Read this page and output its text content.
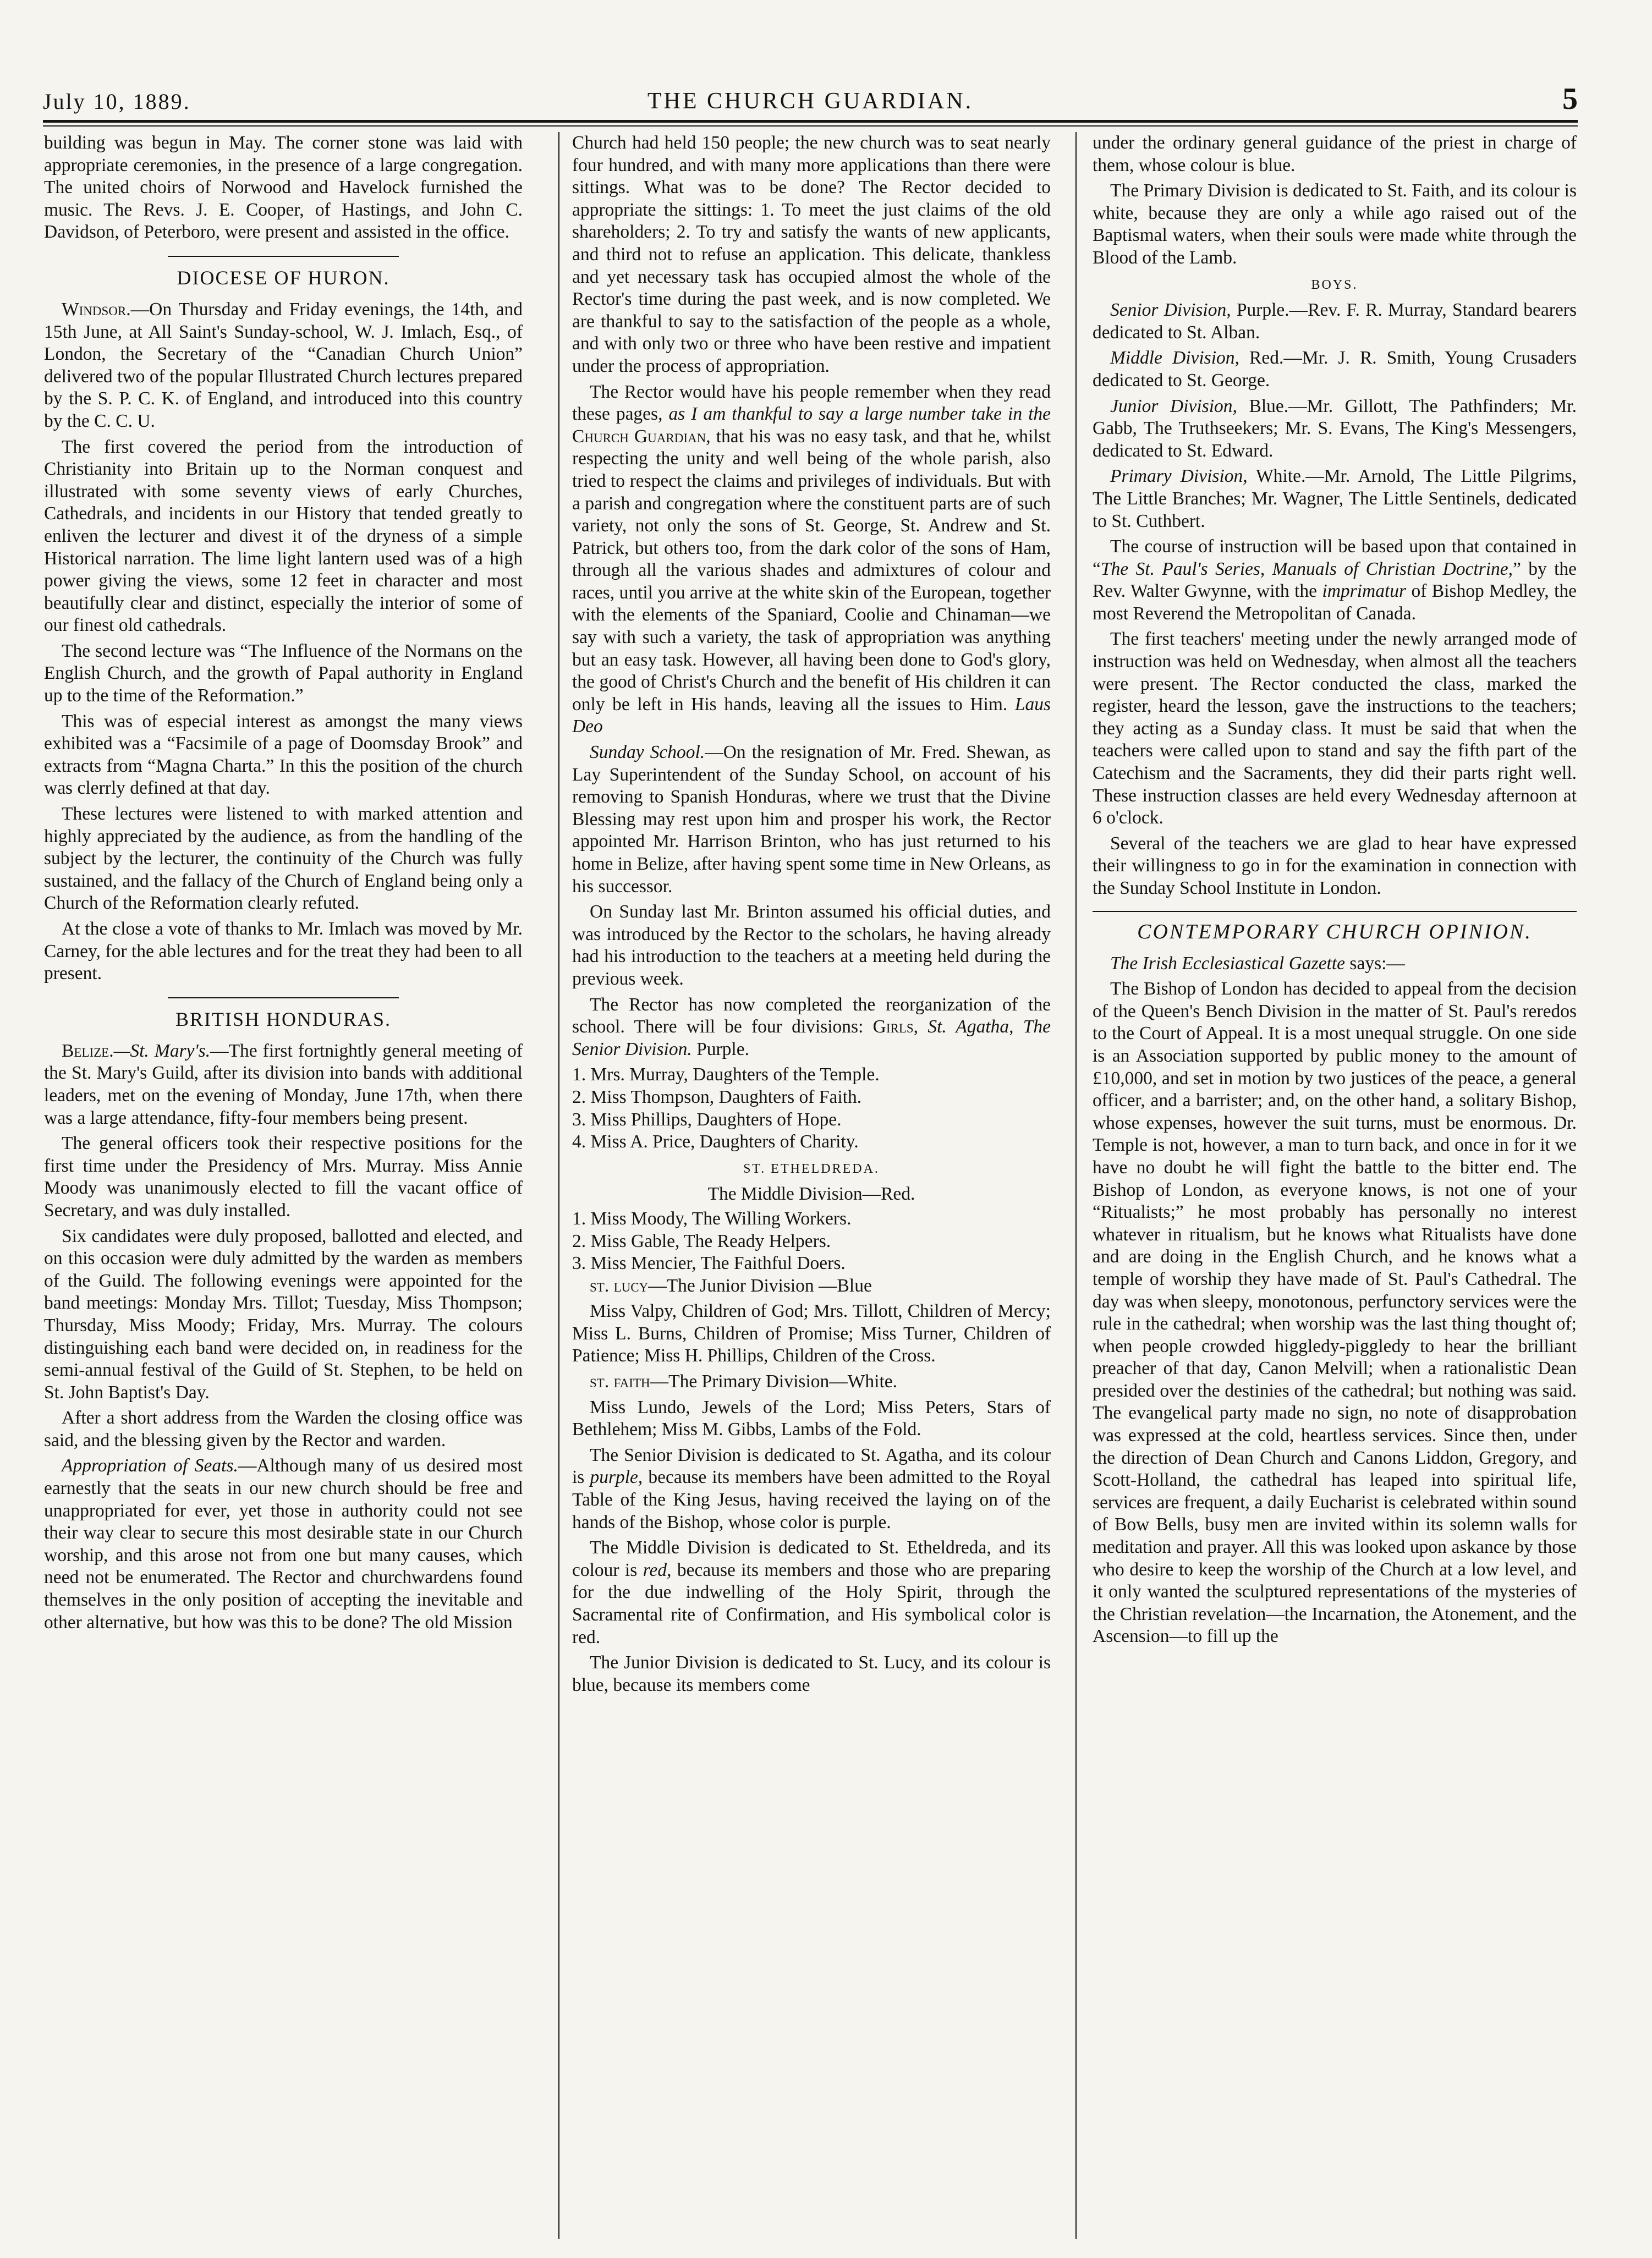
July 10, 1889.	THE CHURCH GUARDIAN.	5

building was begun in May. The corner stone was laid with appropriate ceremonies, in the presence of a large congregation. The united choirs of Norwood and Havelock furnished the music. The Revs. J. E. Cooper, of Hastings, and John C. Davidson, of Peterboro, were present and assisted in the office.

DIOCESE OF HURON.

Windsor.—On Thursday and Friday evenings, the 14th, and 15th June, at All Saint's Sunday-school, W. J. Imlach, Esq., of London, the Secretary of the “Canadian Church Union” delivered two of the popular Illustrated Church lectures prepared by the S. P. C. K. of England, and introduced into this country by the C. C. U.

The first covered the period from the introduction of Christianity into Britain up to the Norman conquest and illustrated with some seventy views of early Churches, Cathedrals, and incidents in our History that tended greatly to enliven the lecturer and divest it of the dryness of a simple Historical narration. The lime light lantern used was of a high power giving the views, some 12 feet in character and most beautifully clear and distinct, especially the interior of some of our finest old cathedrals.

The second lecture was “The Influence of the Normans on the English Church, and the growth of Papal authority in England up to the time of the Reformation.”

This was of especial interest as amongst the many views exhibited was a “Facsimile of a page of Doomsday Brook” and extracts from “Magna Charta.” In this the position of the church was clerrly defined at that day.

These lectures were listened to with marked attention and highly appreciated by the audience, as from the handling of the subject by the lecturer, the continuity of the Church was fully sustained, and the fallacy of the Church of England being only a Church of the Reformation clearly refuted.

At the close a vote of thanks to Mr. Imlach was moved by Mr. Carney, for the able lectures and for the treat they had been to all present.

BRITISH HONDURAS.

Belize.—St. Mary's.—The first fortnightly general meeting of the St. Mary's Guild, after its division into bands with additional leaders, met on the evening of Monday, June 17th, when there was a large attendance, fifty-four members being present.

The general officers took their respective positions for the first time under the Presidency of Mrs. Murray. Miss Annie Moody was unanimously elected to fill the vacant office of Secretary, and was duly installed.

Six candidates were duly proposed, ballotted and elected, and on this occasion were duly admitted by the warden as members of the Guild. The following evenings were appointed for the band meetings: Monday Mrs. Tillot; Tuesday, Miss Thompson; Thursday, Miss Moody; Friday, Mrs. Murray. The colours distinguishing each band were decided on, in readiness for the semi-annual festival of the Guild of St. Stephen, to be held on St. John Baptist's Day.

After a short address from the Warden the closing office was said, and the blessing given by the Rector and warden.

Appropriation of Seats.—Although many of us desired most earnestly that the seats in our new church should be free and unappropriated for ever, yet those in authority could not see their way clear to secure this most desirable state in our Church worship, and this arose not from one but many causes, which need not be enumerated. The Rector and churchwardens found themselves in the only position of accepting the inevitable and other alternative, but how was this to be done? The old Mission

Church had held 150 people; the new church was to seat nearly four hundred, and with many more applications than there were sittings. What was to be done? The Rector decided to appropriate the sittings: 1. To meet the just claims of the old shareholders; 2. To try and satisfy the wants of new applicants, and third not to refuse an application. This delicate, thankless and yet necessary task has occupied almost the whole of the Rector's time during the past week, and is now completed. We are thankful to say to the satisfaction of the people as a whole, and with only two or three who have been restive and impatient under the process of appropriation.

The Rector would have his people remember when they read these pages, as I am thankful to say a large number take in the Church Guardian, that his was no easy task, and that he, whilst respecting the unity and well being of the whole parish, also tried to respect the claims and privileges of individuals. But with a parish and congregation where the constituent parts are of such variety, not only the sons of St. George, St. Andrew and St. Patrick, but others too, from the dark color of the sons of Ham, through all the various shades and admixtures of colour and races, until you arrive at the white skin of the European, together with the elements of the Spaniard, Coolie and Chinaman—we say with such a variety, the task of appropriation was anything but an easy task. However, all having been done to God's glory, the good of Christ's Church and the benefit of His children it can only be left in His hands, leaving all the issues to Him. Laus Deo

Sunday School.—On the resignation of Mr. Fred. Shewan, as Lay Superintendent of the Sunday School, on account of his removing to Spanish Honduras, where we trust that the Divine Blessing may rest upon him and prosper his work, the Rector appointed Mr. Harrison Brinton, who has just returned to his home in Belize, after having spent some time in New Orleans, as his successor.

On Sunday last Mr. Brinton assumed his official duties, and was introduced by the Rector to the scholars, he having already had his introduction to the teachers at a meeting held during the previous week.

The Rector has now completed the reorganization of the school. There will be four divisions: Girls, St. Agatha, The Senior Division. Purple.

1. Mrs. Murray, Daughters of the Temple.

2. Miss Thompson, Daughters of Faith.

3. Miss Phillips, Daughters of Hope.

4. Miss A. Price, Daughters of Charity.

ST. ETHELDREDA.

The Middle Division—Red.

1. Miss Moody, The Willing Workers.

2. Miss Gable, The Ready Helpers.

3. Miss Mencier, The Faithful Doers.

st. lucy—The Junior Division —Blue

Miss Valpy, Children of God; Mrs. Tillott, Children of Mercy; Miss L. Burns, Children of Promise; Miss Turner, Children of Patience; Miss H. Phillips, Children of the Cross.

st. faith—The Primary Division—White.

Miss Lundo, Jewels of the Lord; Miss Peters, Stars of Bethlehem; Miss M. Gibbs, Lambs of the Fold.

The Senior Division is dedicated to St. Agatha, and its colour is purple, because its members have been admitted to the Royal Table of the King Jesus, having received the laying on of the hands of the Bishop, whose color is purple.

The Middle Division is dedicated to St. Etheldreda, and its colour is red, because its members and those who are preparing for the due indwelling of the Holy Spirit, through the Sacramental rite of Confirmation, and His symbolical color is red.

The Junior Division is dedicated to St. Lucy, and its colour is blue, because its members come

under the ordinary general guidance of the priest in charge of them, whose colour is blue.

The Primary Division is dedicated to St. Faith, and its colour is white, because they are only a while ago raised out of the Baptismal waters, when their souls were made white through the Blood of the Lamb.

BOYS.

Senior Division, Purple.—Rev. F. R. Murray, Standard bearers dedicated to St. Alban.

Middle Division, Red.—Mr. J. R. Smith, Young Crusaders dedicated to St. George.

Junior Division, Blue.—Mr. Gillott, The Pathfinders; Mr. Gabb, The Truthseekers; Mr. S. Evans, The King's Messengers, dedicated to St. Edward.

Primary Division, White.—Mr. Arnold, The Little Pilgrims, The Little Branches; Mr. Wagner, The Little Sentinels, dedicated to St. Cuthbert.

The course of instruction will be based upon that contained in “The St. Paul's Series, Manuals of Christian Doctrine,” by the Rev. Walter Gwynne, with the imprimatur of Bishop Medley, the most Reverend the Metropolitan of Canada.

The first teachers' meeting under the newly arranged mode of instruction was held on Wednesday, when almost all the teachers were present. The Rector conducted the class, marked the register, heard the lesson, gave the instructions to the teachers; they acting as a Sunday class. It must be said that when the teachers were called upon to stand and say the fifth part of the Catechism and the Sacraments, they did their parts right well. These instruction classes are held every Wednesday afternoon at 6 o'clock.

Several of the teachers we are glad to hear have expressed their willingness to go in for the examination in connection with the Sunday School Institute in London.

CONTEMPORARY CHURCH OPINION.

The Irish Ecclesiastical Gazette says:—

The Bishop of London has decided to appeal from the decision of the Queen's Bench Division in the matter of St. Paul's reredos to the Court of Appeal. It is a most unequal struggle. On one side is an Association supported by public money to the amount of £10,000, and set in motion by two justices of the peace, a general officer, and a barrister; and, on the other hand, a solitary Bishop, whose expenses, however the suit turns, must be enormous. Dr. Temple is not, however, a man to turn back, and once in for it we have no doubt he will fight the battle to the bitter end. The Bishop of London, as everyone knows, is not one of your “Ritualists;” he most probably has personally no interest whatever in ritualism, but he knows what Ritualists have done and are doing in the English Church, and he knows what a temple of worship they have made of St. Paul's Cathedral. The day was when sleepy, monotonous, perfunctory services were the rule in the cathedral; when worship was the last thing thought of; when people crowded higgledy-piggledy to hear the brilliant preacher of that day, Canon Melvill; when a rationalistic Dean presided over the destinies of the cathedral; but nothing was said. The evangelical party made no sign, no note of disapprobation was expressed at the cold, heartless services. Since then, under the direction of Dean Church and Canons Liddon, Gregory, and Scott-Holland, the cathedral has leaped into spiritual life, services are frequent, a daily Eucharist is celebrated within sound of Bow Bells, busy men are invited within its solemn walls for meditation and prayer. All this was looked upon askance by those who desire to keep the worship of the Church at a low level, and it only wanted the sculptured representations of the mysteries of the Christian revelation—the Incarnation, the Atonement, and the Ascension—to fill up the
